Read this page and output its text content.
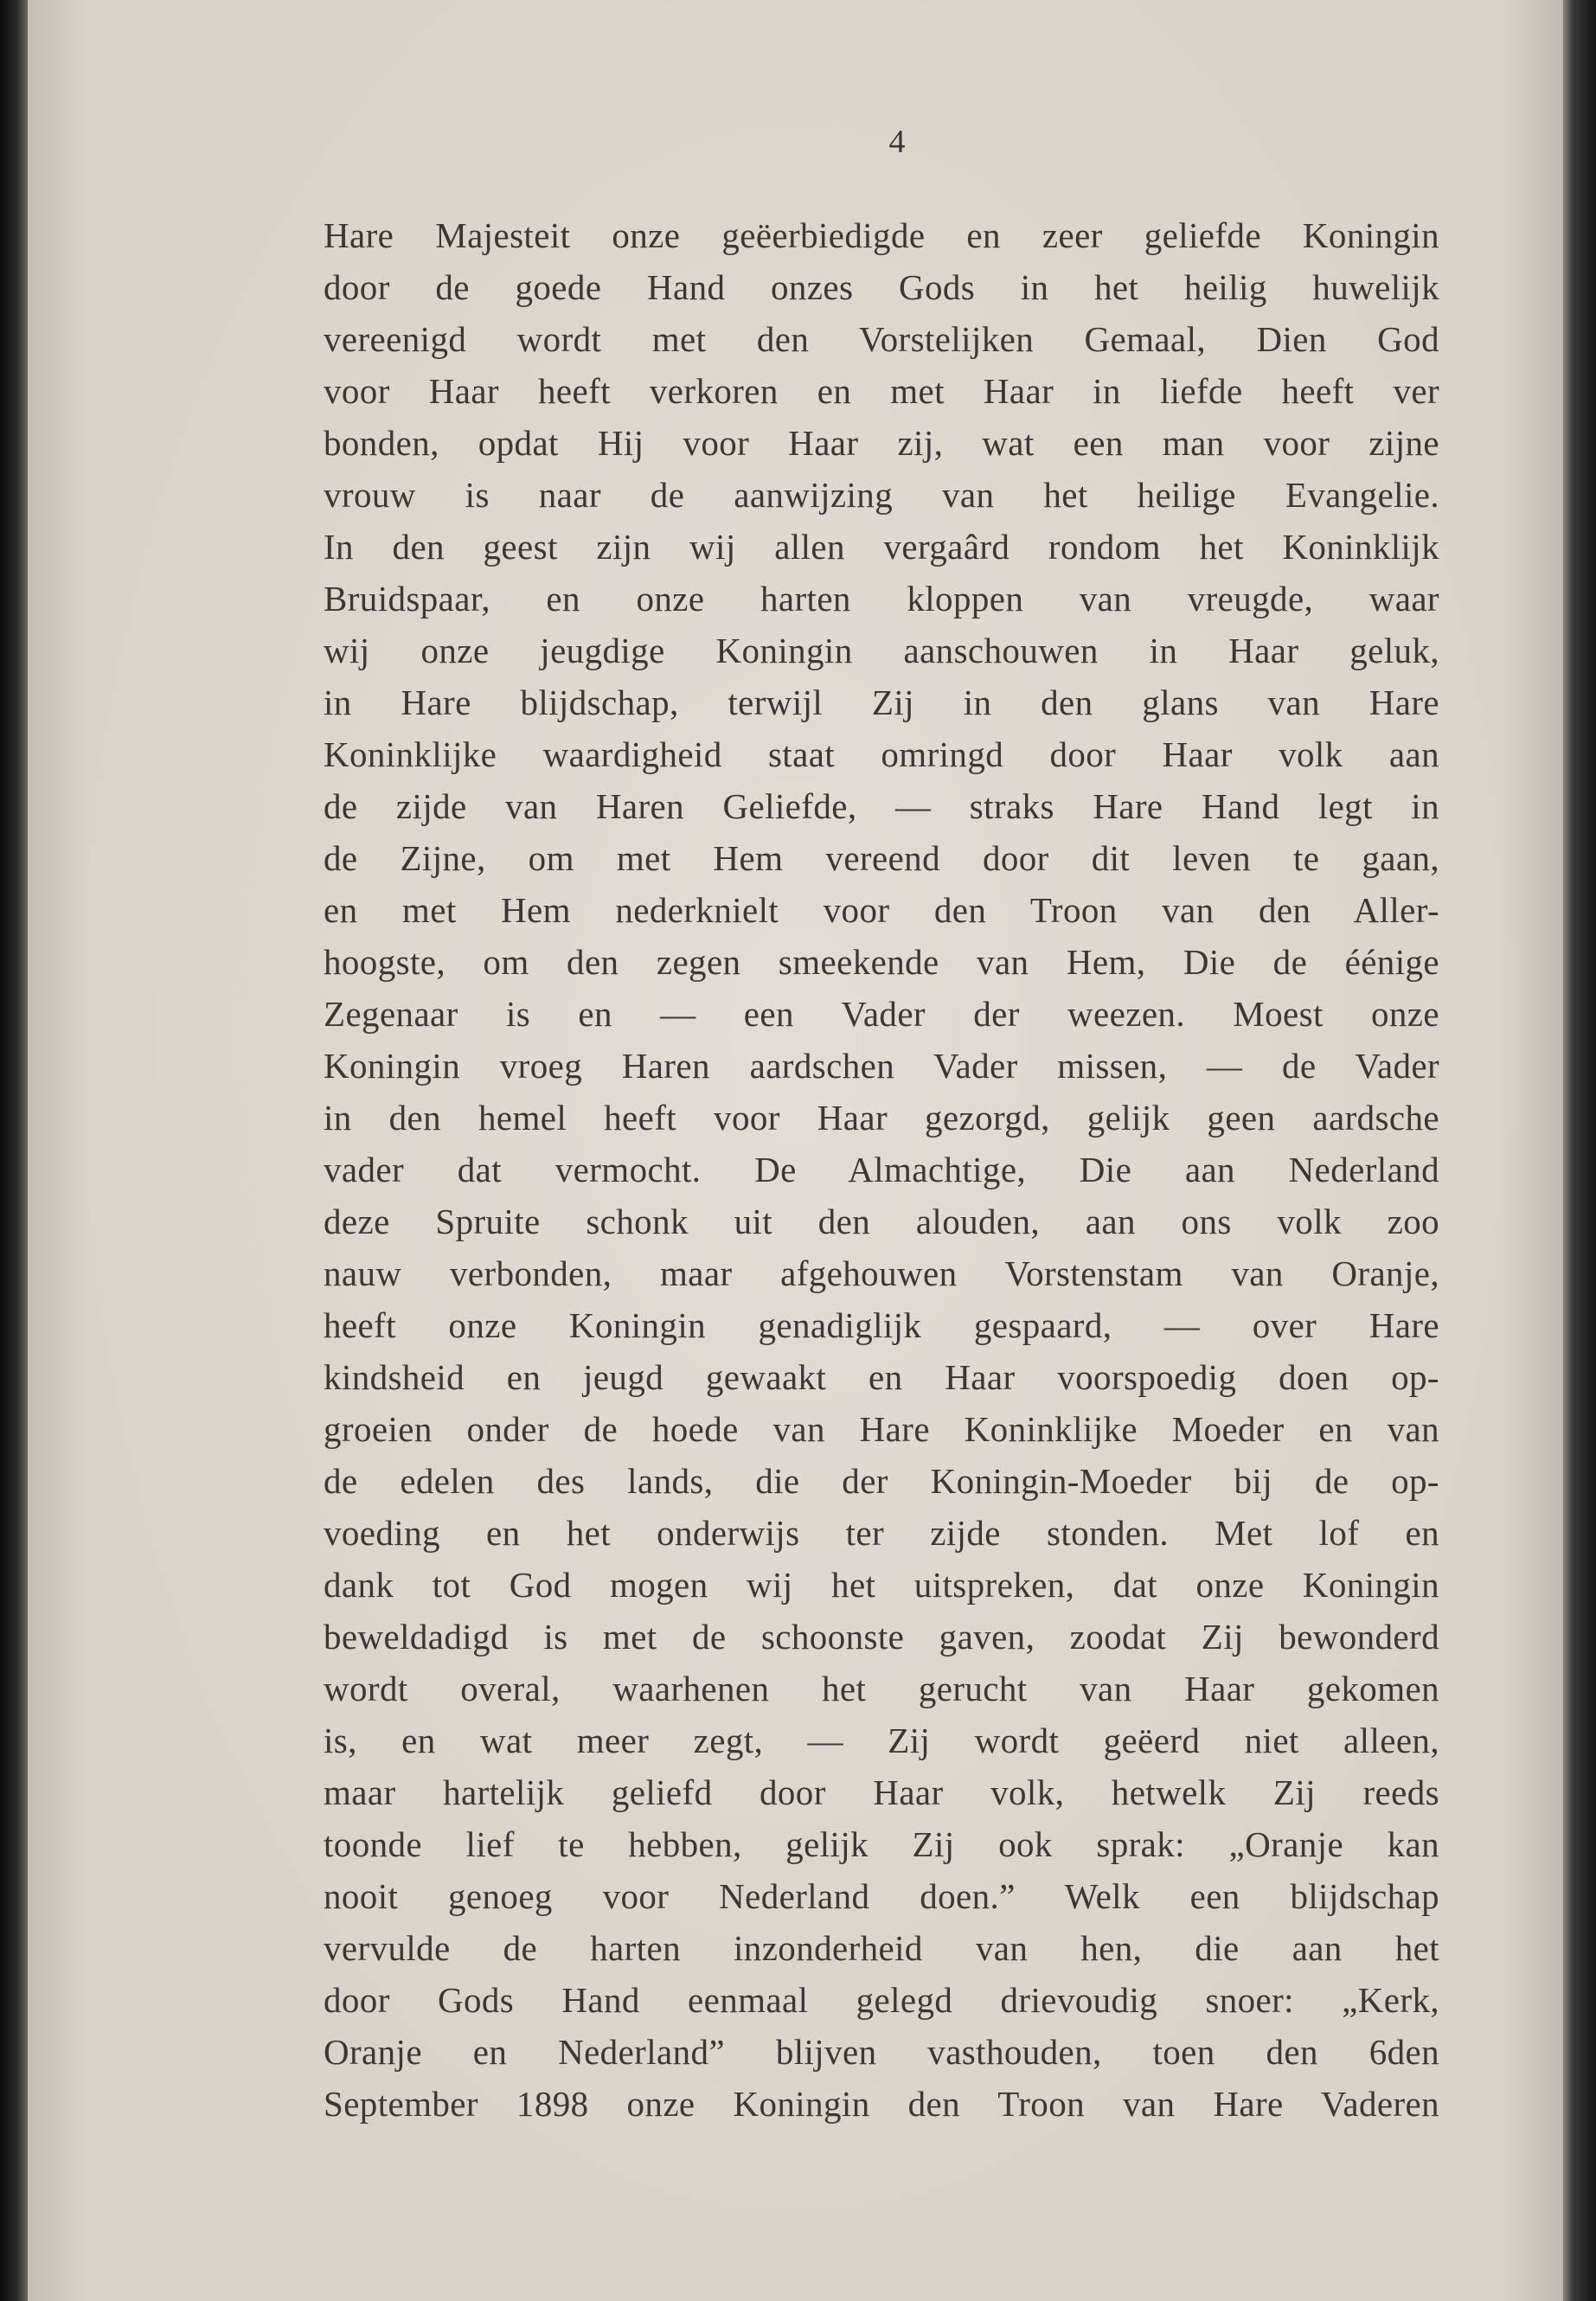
4
Hare Majesteit onze geëerbiedigde en zeer geliefde Koningin
door de goede Hand onzes Gods in het heilig huwelijk
vereenigd wordt met den Vorstelijken Gemaal, Dien God
voor Haar heeft verkoren en met Haar in liefde heeft ver
bonden, opdat Hij voor Haar zij, wat een man voor zijne
vrouw is naar de aanwijzing van het heilige Evangelie.
In den geest zijn wij allen vergaârd rondom het Koninklijk
Bruidspaar, en onze harten kloppen van vreugde, waar
wij onze jeugdige Koningin aanschouwen in Haar geluk,
in Hare blijdschap, terwijl Zij in den glans van Hare
Koninklijke waardigheid staat omringd door Haar volk aan
de zijde van Haren Geliefde, — straks Hare Hand legt in
de Zijne, om met Hem vereend door dit leven te gaan,
en met Hem nederknielt voor den Troon van den Aller-
hoogste, om den zegen smeekende van Hem, Die de éénige
Zegenaar is en — een Vader der weezen. Moest onze
Koningin vroeg Haren aardschen Vader missen, — de Vader
in den hemel heeft voor Haar gezorgd, gelijk geen aardsche
vader dat vermocht. De Almachtige, Die aan Nederland
deze Spruite schonk uit den alouden, aan ons volk zoo
nauw verbonden, maar afgehouwen Vorstenstam van Oranje,
heeft onze Koningin genadiglijk gespaard, — over Hare
kindsheid en jeugd gewaakt en Haar voorspoedig doen op-
groeien onder de hoede van Hare Koninklijke Moeder en van
de edelen des lands, die der Koningin-Moeder bij de op-
voeding en het onderwijs ter zijde stonden. Met lof en
dank tot God mogen wij het uitspreken, dat onze Koningin
beweldadigd is met de schoonste gaven, zoodat Zij bewonderd
wordt overal, waarhenen het gerucht van Haar gekomen
is, en wat meer zegt, — Zij wordt geëerd niet alleen,
maar hartelijk geliefd door Haar volk, hetwelk Zij reeds
toonde lief te hebben, gelijk Zij ook sprak: „Oranje kan
nooit genoeg voor Nederland doen.” Welk een blijdschap
vervulde de harten inzonderheid van hen, die aan het
door Gods Hand eenmaal gelegd drievoudig snoer: „Kerk,
Oranje en Nederland” blijven vasthouden, toen den 6den
September 1898 onze Koningin den Troon van Hare Vaderen
